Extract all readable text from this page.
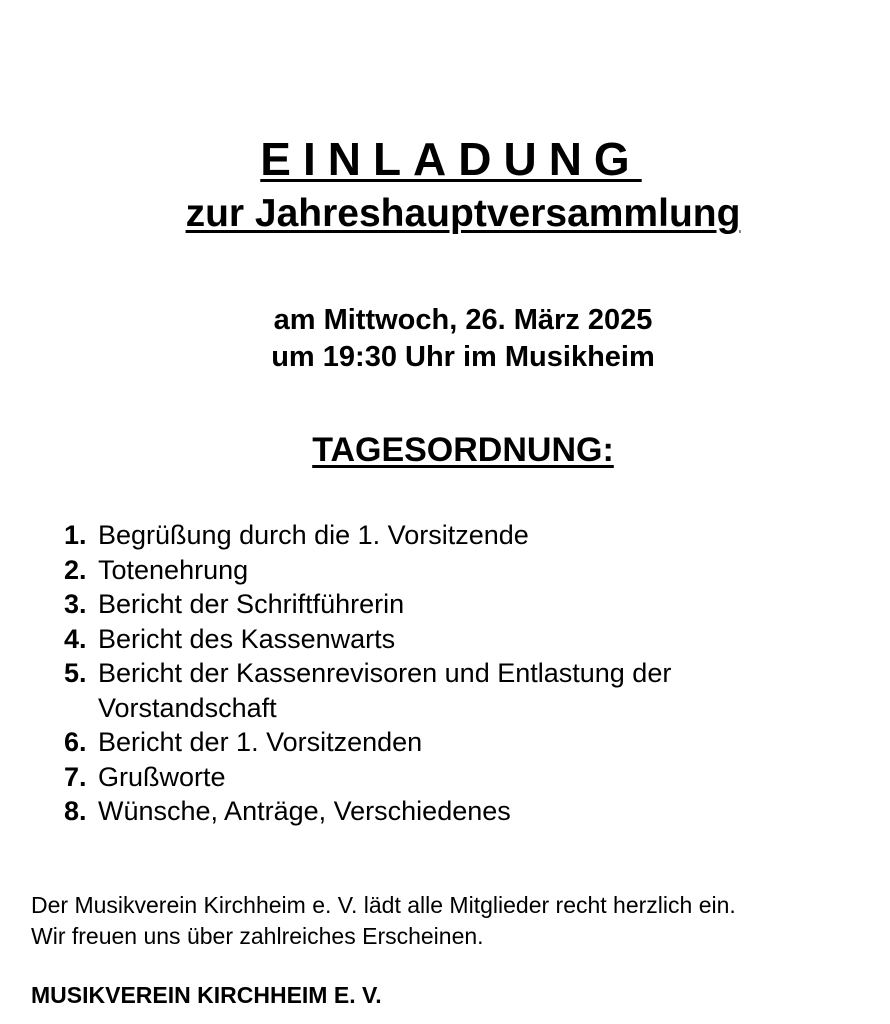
EINLADUNG
zur Jahreshauptversammlung
am Mittwoch, 26. März 2025
um 19:30 Uhr im Musikheim
TAGESORDNUNG:
1. Begrüßung durch die 1. Vorsitzende
2. Totenehrung
3. Bericht der Schriftführerin
4. Bericht des Kassenwarts
5. Bericht der Kassenrevisoren und Entlastung der Vorstandschaft
6. Bericht der 1. Vorsitzenden
7. Grußworte
8. Wünsche, Anträge, Verschiedenes
Der Musikverein Kirchheim e. V. lädt alle Mitglieder recht herzlich ein.
Wir freuen uns über zahlreiches Erscheinen.
MUSIKVEREIN KIRCHHEIM E. V.
